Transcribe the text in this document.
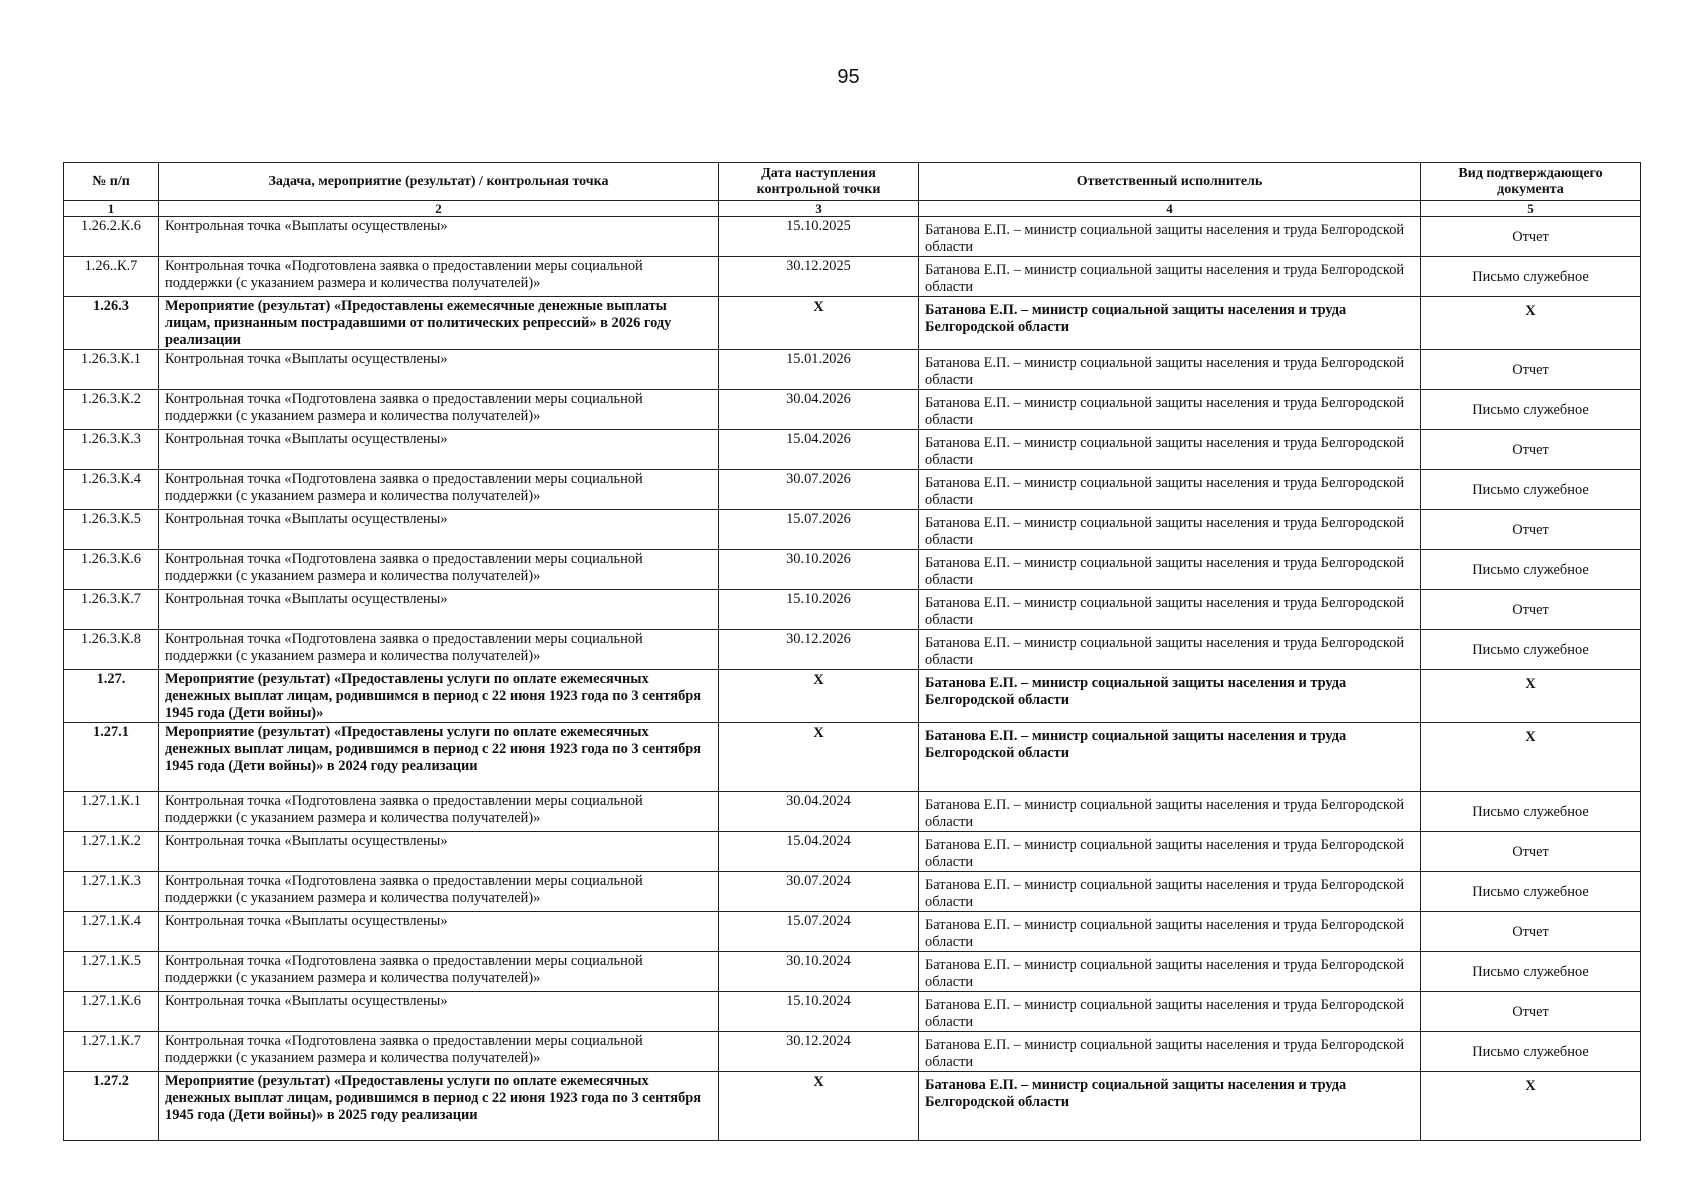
95
№ п/п	Задача, мероприятие (результат) / контрольная точка	Дата наступления контрольной точки	Ответственный исполнитель	Вид подтверждающего документа
1	2	3	4	5
1.26.2.К.6	Контрольная точка «Выплаты осуществлены»	15.10.2025	Батанова Е.П. – министр социальной защиты населения и труда Белгородской области	Отчет
1.26..К.7	Контрольная точка «Подготовлена заявка о предоставлении меры социальной поддержки (с указанием размера и количества получателей)»	30.12.2025	Батанова Е.П. – министр социальной защиты населения и труда Белгородской области	Письмо служебное
1.26.3	Мероприятие (результат) «Предоставлены ежемесячные денежные выплаты лицам, признанным пострадавшими от политических репрессий» в 2026 году реализации	Х	Батанова Е.П. – министр социальной защиты населения и труда Белгородской области	Х
1.26.3.К.1	Контрольная точка «Выплаты осуществлены»	15.01.2026	Батанова Е.П. – министр социальной защиты населения и труда Белгородской области	Отчет
1.26.3.К.2	Контрольная точка «Подготовлена заявка о предоставлении меры социальной поддержки (с указанием размера и количества получателей)»	30.04.2026	Батанова Е.П. – министр социальной защиты населения и труда Белгородской области	Письмо служебное
1.26.3.К.3	Контрольная точка «Выплаты осуществлены»	15.04.2026	Батанова Е.П. – министр социальной защиты населения и труда Белгородской области	Отчет
1.26.3.К.4	Контрольная точка «Подготовлена заявка о предоставлении меры социальной поддержки (с указанием размера и количества получателей)»	30.07.2026	Батанова Е.П. – министр социальной защиты населения и труда Белгородской области	Письмо служебное
1.26.3.К.5	Контрольная точка «Выплаты осуществлены»	15.07.2026	Батанова Е.П. – министр социальной защиты населения и труда Белгородской области	Отчет
1.26.3.К.6	Контрольная точка «Подготовлена заявка о предоставлении меры социальной поддержки (с указанием размера и количества получателей)»	30.10.2026	Батанова Е.П. – министр социальной защиты населения и труда Белгородской области	Письмо служебное
1.26.3.К.7	Контрольная точка «Выплаты осуществлены»	15.10.2026	Батанова Е.П. – министр социальной защиты населения и труда Белгородской области	Отчет
1.26.3.К.8	Контрольная точка «Подготовлена заявка о предоставлении меры социальной поддержки (с указанием размера и количества получателей)»	30.12.2026	Батанова Е.П. – министр социальной защиты населения и труда Белгородской области	Письмо служебное
1.27.	Мероприятие (результат) «Предоставлены услуги по оплате ежемесячных денежных выплат лицам, родившимся в период с 22 июня 1923 года по 3 сентября 1945 года (Дети войны)»	Х	Батанова Е.П. – министр социальной защиты населения и труда Белгородской области	Х
1.27.1	Мероприятие (результат) «Предоставлены услуги по оплате ежемесячных денежных выплат лицам, родившимся в период с 22 июня 1923 года по 3 сентября 1945 года (Дети войны)» в 2024 году реализации	Х	Батанова Е.П. – министр социальной защиты населения и труда Белгородской области	Х
1.27.1.К.1	Контрольная точка «Подготовлена заявка о предоставлении меры социальной поддержки (с указанием размера и количества получателей)»	30.04.2024	Батанова Е.П. – министр социальной защиты населения и труда Белгородской области	Письмо служебное
1.27.1.К.2	Контрольная точка «Выплаты осуществлены»	15.04.2024	Батанова Е.П. – министр социальной защиты населения и труда Белгородской области	Отчет
1.27.1.К.3	Контрольная точка «Подготовлена заявка о предоставлении меры социальной поддержки (с указанием размера и количества получателей)»	30.07.2024	Батанова Е.П. – министр социальной защиты населения и труда Белгородской области	Письмо служебное
1.27.1.К.4	Контрольная точка «Выплаты осуществлены»	15.07.2024	Батанова Е.П. – министр социальной защиты населения и труда Белгородской области	Отчет
1.27.1.К.5	Контрольная точка «Подготовлена заявка о предоставлении меры социальной поддержки (с указанием размера и количества получателей)»	30.10.2024	Батанова Е.П. – министр социальной защиты населения и труда Белгородской области	Письмо служебное
1.27.1.К.6	Контрольная точка «Выплаты осуществлены»	15.10.2024	Батанова Е.П. – министр социальной защиты населения и труда Белгородской области	Отчет
1.27.1.К.7	Контрольная точка «Подготовлена заявка о предоставлении меры социальной поддержки (с указанием размера и количества получателей)»	30.12.2024	Батанова Е.П. – министр социальной защиты населения и труда Белгородской области	Письмо служебное
1.27.2	Мероприятие (результат) «Предоставлены услуги по оплате ежемесячных денежных выплат лицам, родившимся в период с 22 июня 1923 года по 3 сентября 1945 года (Дети войны)» в 2025 году реализации	Х	Батанова Е.П. – министр социальной защиты населения и труда Белгородской области	Х
